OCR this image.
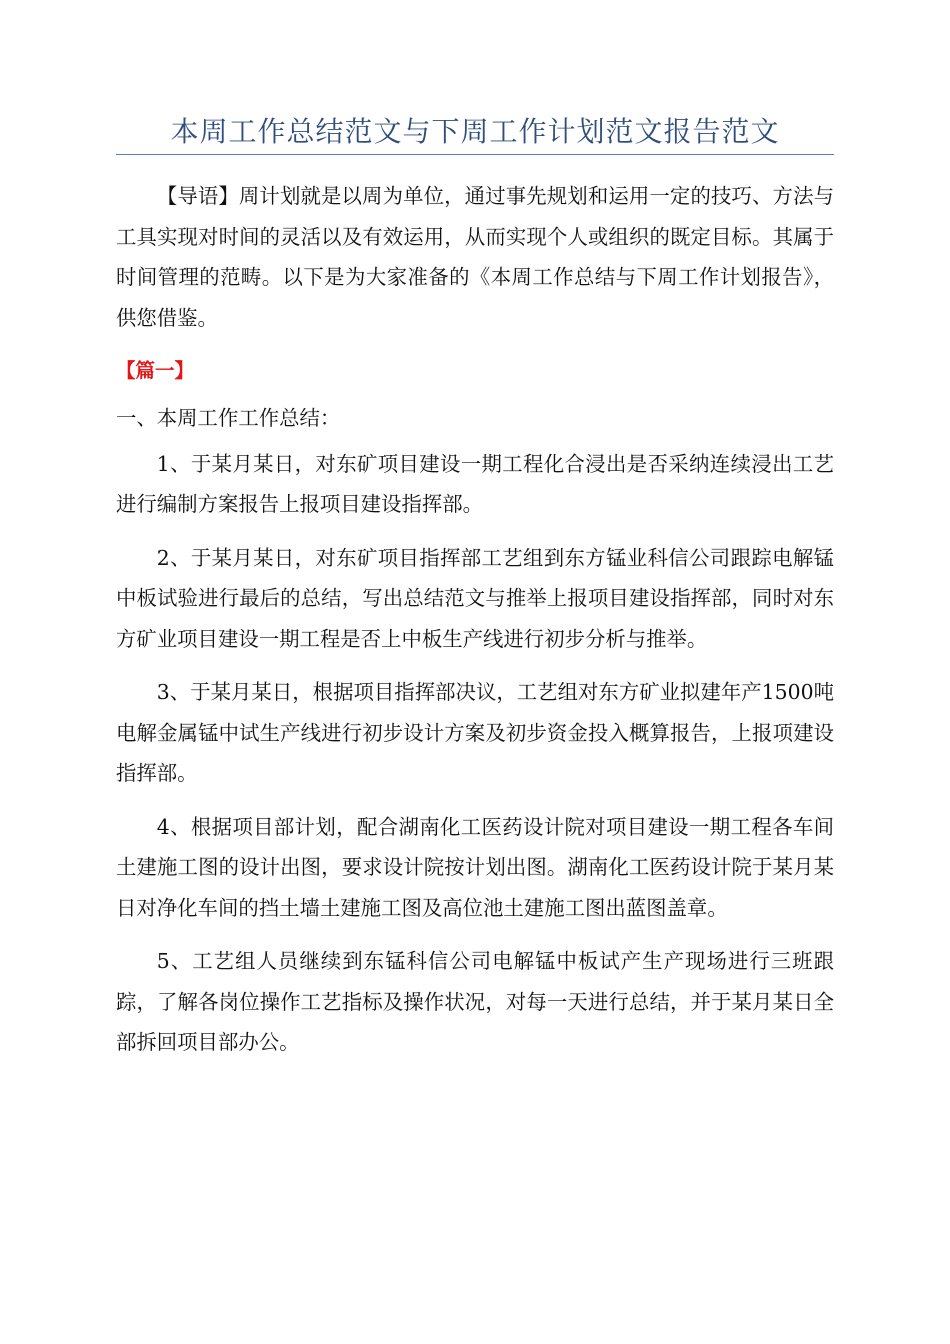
本周工作总结范文与下周工作计划范文报告范文

【导语】周计划就是以周为单位，通过事先规划和运用一定的技巧、方法与工具实现对时间的灵活以及有效运用，从而实现个人或组织的既定目标。其属于时间管理的范畴。以下是为大家准备的《本周工作总结与下周工作计划报告》，供您借鉴。

【篇一】

一、本周工作工作总结：

1、于某月某日，对东矿项目建设一期工程化合浸出是否采纳连续浸出工艺进行编制方案报告上报项目建设指挥部。

2、于某月某日，对东矿项目指挥部工艺组到东方锰业科信公司跟踪电解锰中板试验进行最后的总结，写出总结范文与推举上报项目建设指挥部，同时对东方矿业项目建设一期工程是否上中板生产线进行初步分析与推举。

3、于某月某日，根据项目指挥部决议，工艺组对东方矿业拟建年产1500吨电解金属锰中试生产线进行初步设计方案及初步资金投入概算报告，上报项建设指挥部。

4、根据项目部计划，配合湖南化工医药设计院对项目建设一期工程各车间土建施工图的设计出图，要求设计院按计划出图。湖南化工医药设计院于某月某日对净化车间的挡土墙土建施工图及高位池土建施工图出蓝图盖章。

5、工艺组人员继续到东锰科信公司电解锰中板试产生产现场进行三班跟踪，了解各岗位操作工艺指标及操作状况，对每一天进行总结，并于某月某日全部拆回项目部办公。
